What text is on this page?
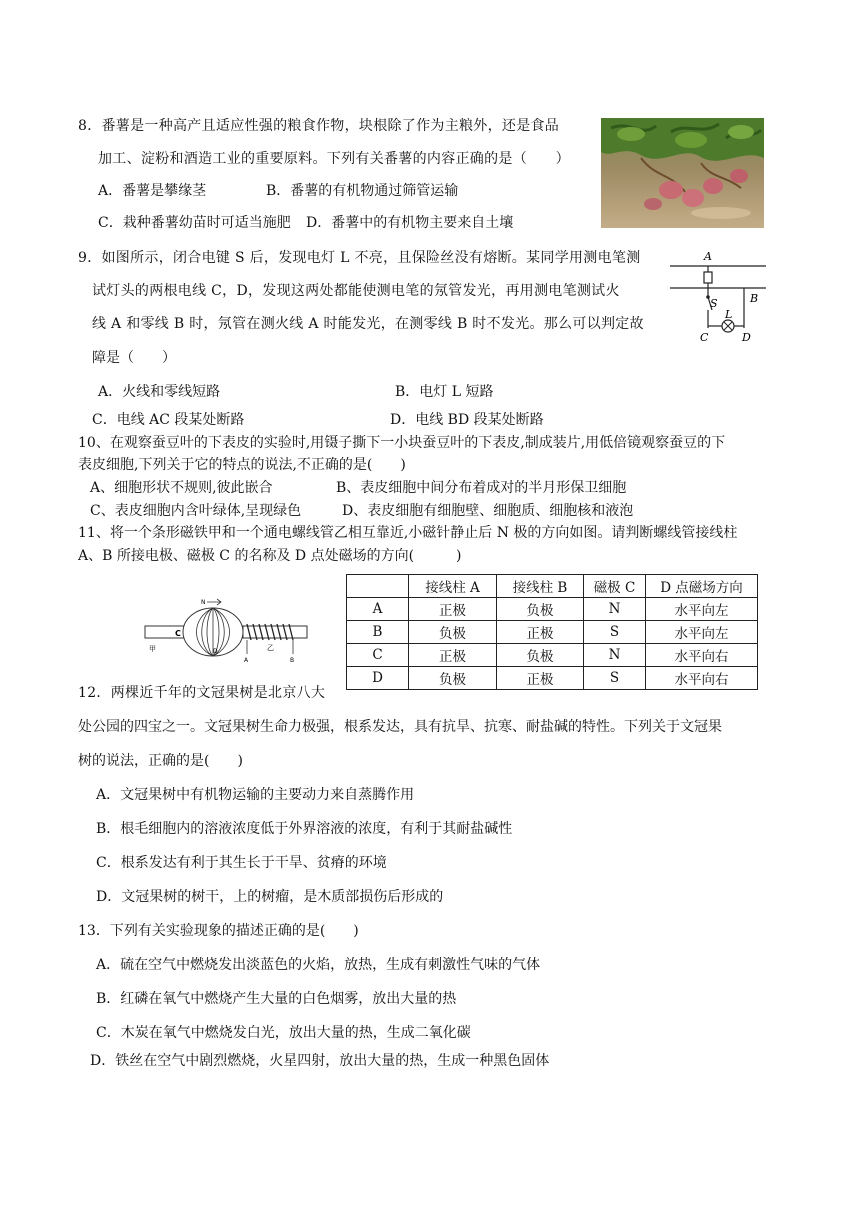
8．番薯是一种高产且适应性强的粮食作物，块根除了作为主粮外，还是食品
加工、淀粉和酒造工业的重要原料。下列有关番薯的内容正确的是（　　）
A．番薯是攀缘茎	B．番薯的有机物通过筛管运输
C．栽种番薯幼苗时可适当施肥 D．番薯中的有机物主要来自土壤
9．如图所示，闭合电键 S 后，发现电灯 L 不亮，且保险丝没有熔断。某同学用测电笔测
试灯头的两根电线 C，D，发现这两处都能使测电笔的氖管发光，再用测电笔测试火
线 A 和零线 B 时，氖管在测火线 A 时能发光，在测零线 B 时不发光。那么可以判定故
障是（　　）
A．火线和零线短路	B．电灯 L 短路
C．电线 AC 段某处断路	D．电线 BD 段某处断路
A
B
S
L
C	D
10、在观察蚕豆叶的下表皮的实验时,用镊子撕下一小块蚕豆叶的下表皮,制成装片,用低倍镜观察蚕豆的下
表皮细胞,下列关于它的特点的说法,不正确的是(　　)
A、细胞形状不规则,彼此嵌合	B、表皮细胞中间分布着成对的半月形保卫细胞
C、表皮细胞内含叶绿体,呈现绿色	D、表皮细胞有细胞壁、细胞质、细胞核和液泡
11、将一个条形磁铁甲和一个通电螺线管乙相互靠近,小磁针静止后 N 极的方向如图。请判断螺线管接线柱
A、B 所接电极、磁极 C 的名称及 D 点处磁场的方向(　　　)
甲
N
C
D
A	B
乙
	接线柱 A	接线柱 B	磁极 C	D 点磁场方向
A	正极	负极	N	水平向左
B	负极	正极	S	水平向左
C	正极	负极	N	水平向右
D	负极	正极	S	水平向右
12．两棵近千年的文冠果树是北京八大
处公园的四宝之一。文冠果树生命力极强，根系发达，具有抗旱、抗寒、耐盐碱的特性。下列关于文冠果
树的说法，正确的是(　　)
A．文冠果树中有机物运输的主要动力来自蒸腾作用
B．根毛细胞内的溶液浓度低于外界溶液的浓度，有利于其耐盐碱性
C．根系发达有利于其生长于干旱、贫瘠的环境
D．文冠果树的树干，上的树瘤，是木质部损伤后形成的
13．下列有关实验现象的描述正确的是(　　)
A．硫在空气中燃烧发出淡蓝色的火焰，放热，生成有刺激性气味的气体
B．红磷在氧气中燃烧产生大量的白色烟雾，放出大量的热
C．木炭在氧气中燃烧发白光，放出大量的热，生成二氧化碳
D．铁丝在空气中剧烈燃烧，火星四射，放出大量的热，生成一种黑色固体
